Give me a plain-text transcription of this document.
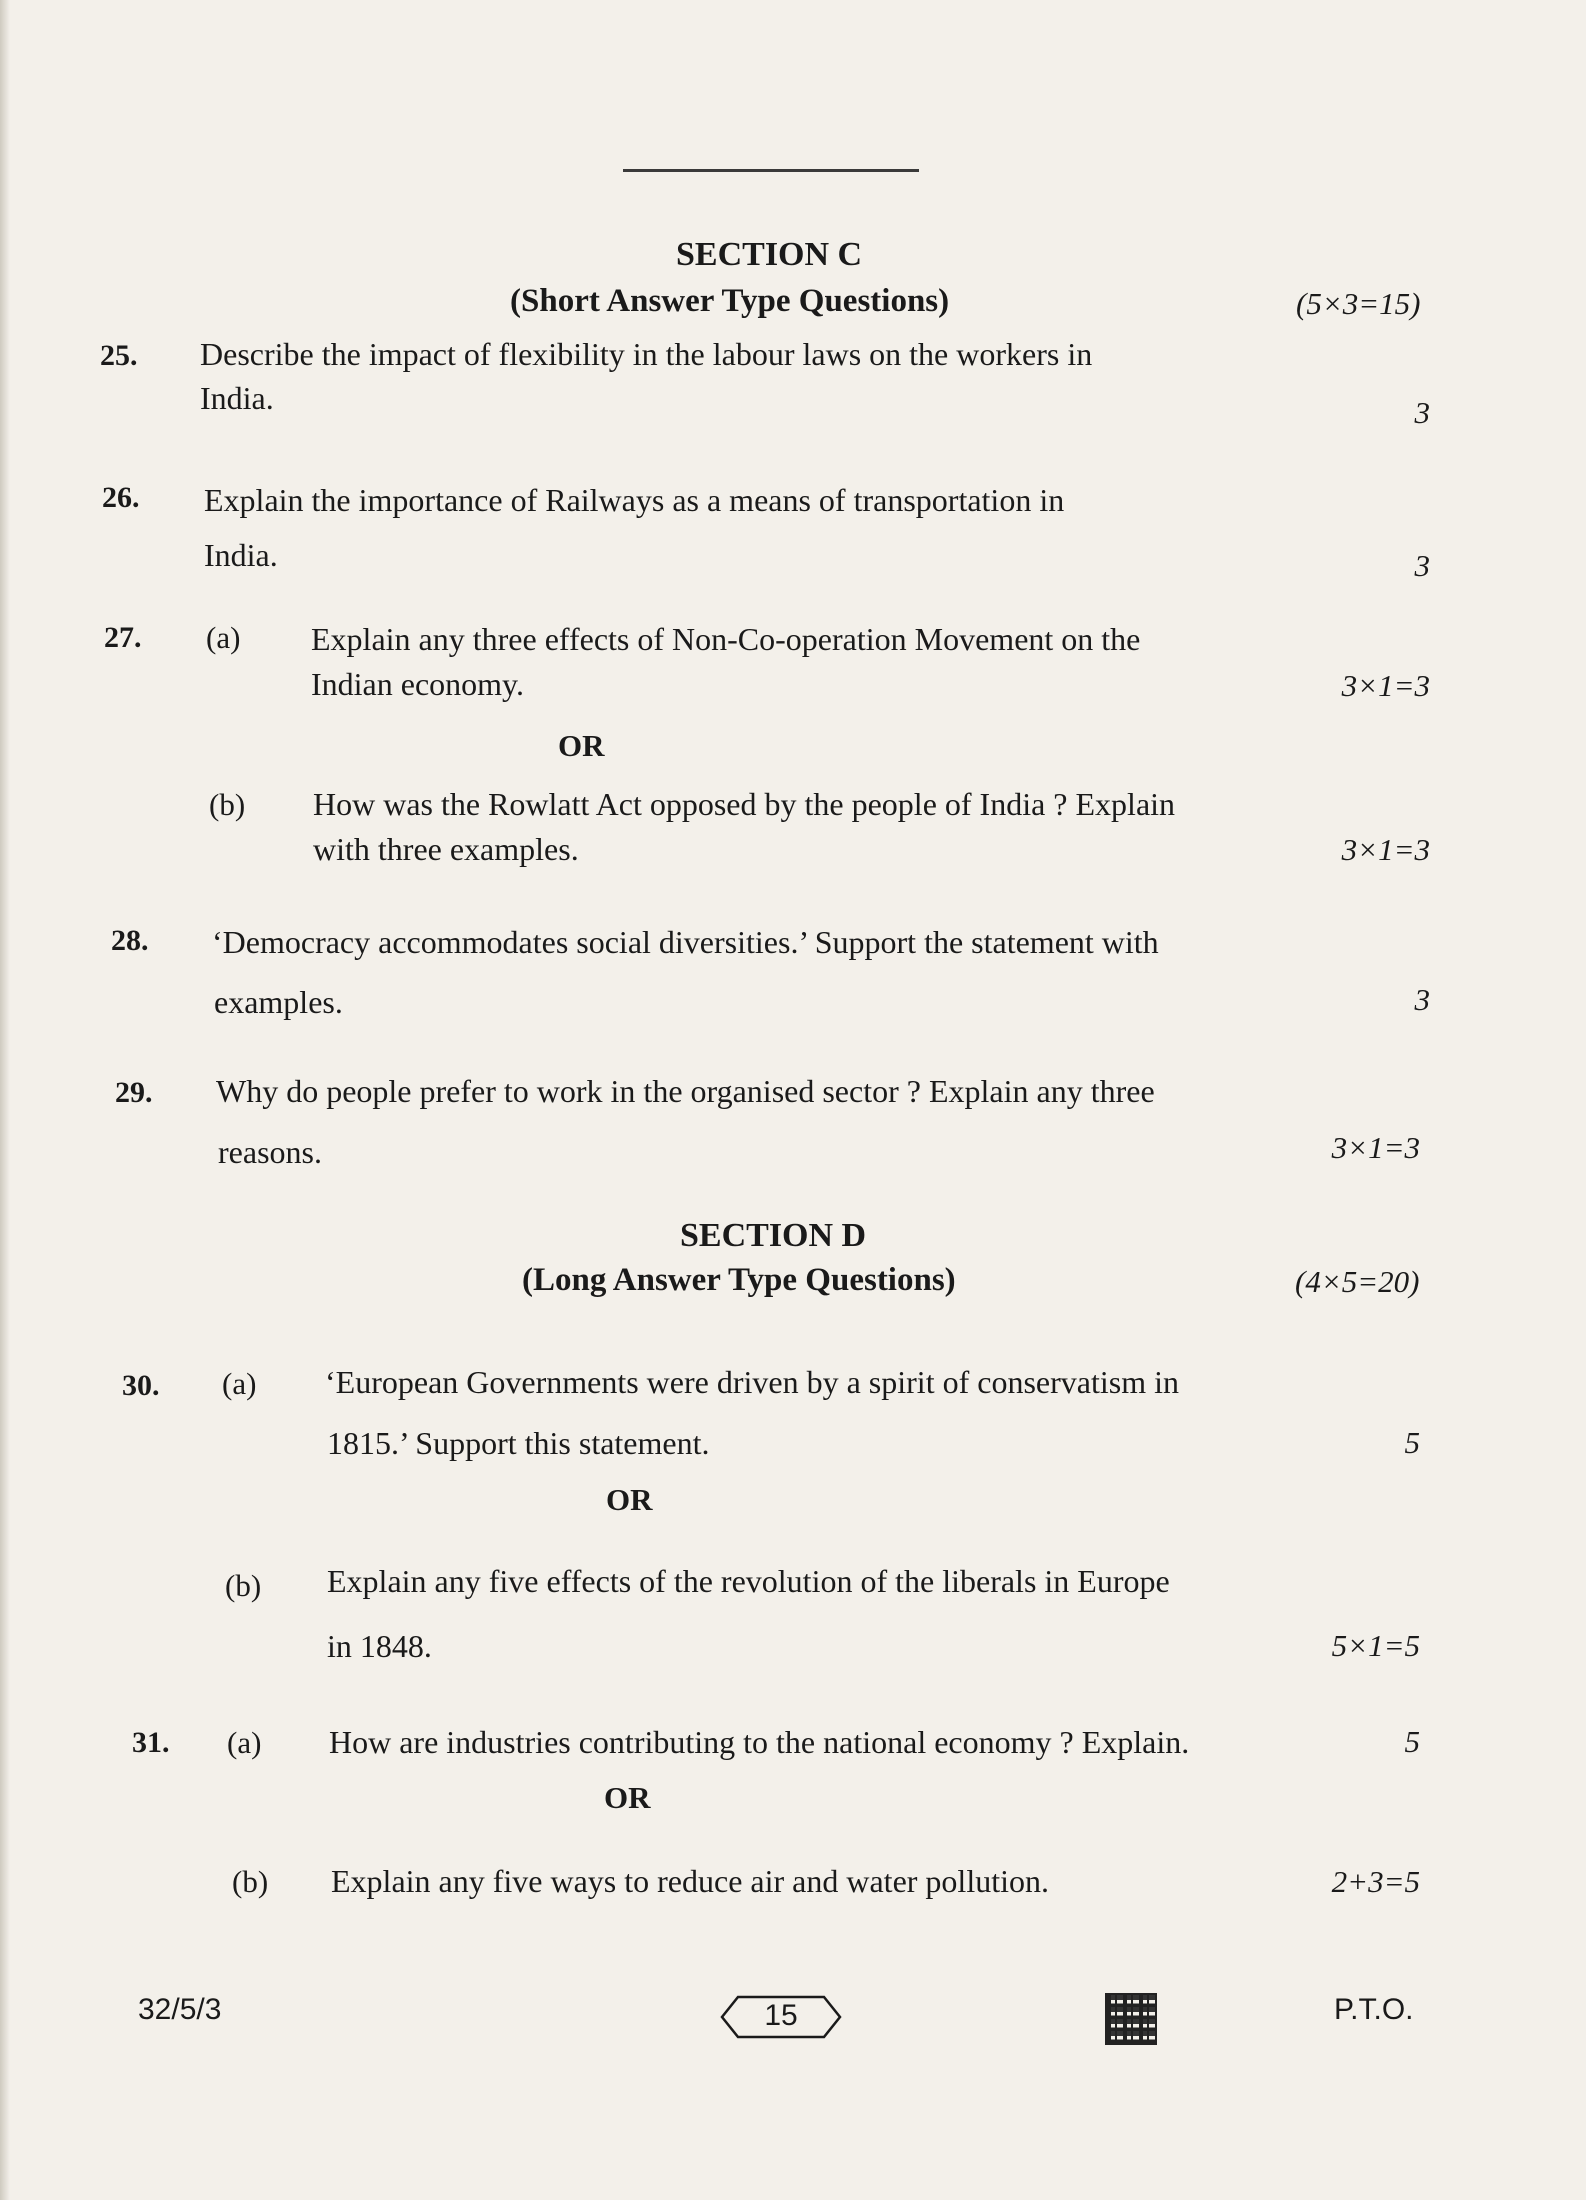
SECTION C
(Short Answer Type Questions)	(5×3=15)
25. Describe the impact of flexibility in the labour laws on the workers in
India.	3
26. Explain the importance of Railways as a means of transportation in
India.	3
27. (a) Explain any three effects of Non-Co-operation Movement on the
Indian economy.	3×1=3
OR
(b) How was the Rowlatt Act opposed by the people of India ? Explain
with three examples.	3×1=3
28. ‘Democracy accommodates social diversities.’ Support the statement with
examples.	3
29. Why do people prefer to work in the organised sector ? Explain any three
reasons.	3×1=3
SECTION D
(Long Answer Type Questions)	(4×5=20)
30. (a) ‘European Governments were driven by a spirit of conservatism in
1815.’ Support this statement.	5
OR
(b) Explain any five effects of the revolution of the liberals in Europe
in 1848.	5×1=5
31. (a) How are industries contributing to the national economy ? Explain.	5
OR
(b) Explain any five ways to reduce air and water pollution.	2+3=5
32/5/3	15	P.T.O.
